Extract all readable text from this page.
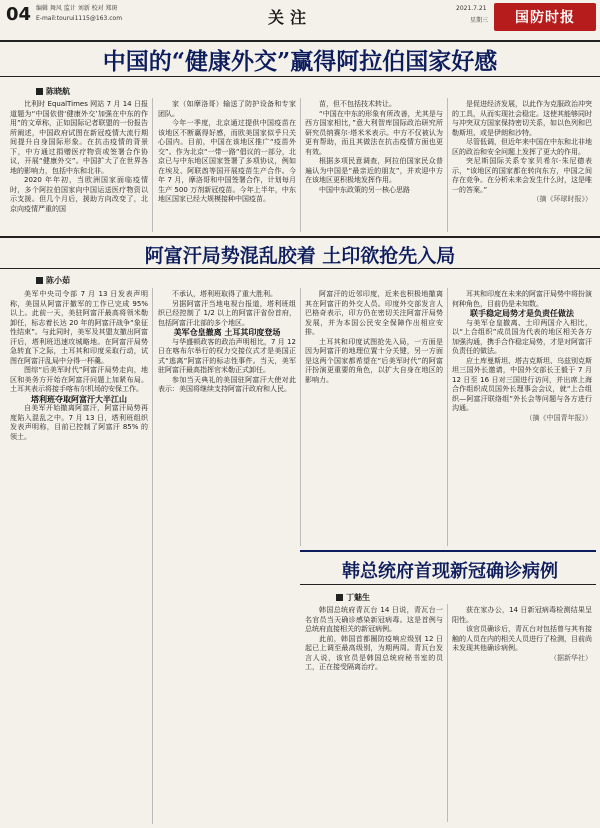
04 编辑 舞风 监计 刘新 校对 郑斑
E-mail:tourui1115@163.com	关注	2021.7.21
星期三	国防时报
中国的“健康外交”赢得阿拉伯国家好感
陈晓航

比利时 EqualTimes 网站 7 月 14 日报道题为“中国依借‘健康外交’加强在中东的作用”的文章称，正如国际记者联盟的一份报告所阐述，中国政府试图在新冠疫情大流行期间提升自身国际形象。在抗击疫情的背景下，中方通过捐赠医疗物资或签署合作协议，开展“健康外交”。中国扩大了在世界各地的影响力，包括中东和北非。

2020 年年初，当欧洲国家面临疫情时，多个阿拉伯国家向中国运送医疗物资以示支援。但几个月后，援助方向改变了，北京向疫情严重的国

家（如摩洛哥）输送了防护设备和专家团队。

今年一季度，北京通过提供中国疫苗在该地区不断赢得好感，而欧美国家似乎只关心国内。目前，中国在该地区推广“疫苗外交”。作为北京“一带一路”倡议的一部分，北京已与中东地区国家签署了多项协议，例如在埃及、阿联酋等国开展疫苗生产合作。今年 7 月，摩洛哥和中国签署合作，计划每月生产 500 万剂新冠疫苗。今年上半年，中东地区国家已经大规模接种中国疫苗。

苗，但不包括技术转让。

“中国在中东的形象有所改善，尤其是与西方国家相比，”意大利智库国际政治研究所研究员纳赛尔·塔米米表示。中方不仅被认为更有帮助，而且其做法在抗击疫情方面也更有效。

根据多项民意调查，阿拉伯国家民众普遍认为中国是“最亲近的朋友”，并欢迎中方在该地区更积极地发挥作用。

中国中东政策的另一核心思路

是促进经济发展，以此作为克服政治冲突的工具，从而实现社会稳定。这使其能够同时与冲突双方国家保持密切关系，如以色列和巴勒斯坦、或是伊朗和沙特。

尽管低调，但近年来中国在中东和北非地区的政治和安全问题上发挥了更大的作用。

突尼斯国际关系专家贝希尔·朱尼德表示，“该地区的国家都在转向东方，中国之间存在竞争。在分析未来会发生什么时，这是唯一的答案。”

（摘《环球时报》）

阿富汗局势混乱胶着 土印欲抢先入局
陈小茹

美军中央司令部 7 月 13 日发表声明称，美国从阿富汗撤军的工作已完成 95% 以上。此前一天，美驻阿富汗最高将领米勒卸任，标志着长达 20 年的阿富汗战争“象征性结束”。与此同时，美军及其盟友撤出阿富汗后，塔利班迅速攻城略地。在阿富汗局势急转直下之际，土耳其和印度采取行动，试图在阿富汗乱局中分得一杯羹。

图综“后美军时代”阿富汗局势走向，地区和美务方开始在阿富汗问题上加紧布局。土耳其表示将接手喀布尔机场的安保工作。

塔利班夺取阿富汗大半江山

自美军开始撤离阿富汗，阿富汗局势再度陷入混乱之中。7 月 13 日，塔利班组织发表声明称，目前已控制了阿富汗 85% 的领土。

不承认，塔利班取得了重大胜利。

另据阿富汗当地电视台报道，塔利班组织已经控制了 1/2 以上的阿富汗省份首府，包括阿富汗北部的多个地区。

美军仓皇撤离 土耳其印度登场

与华盛顿政客的政治声明相比，7 月 12 日在喀布尔举行的权力交接仪式才是美国正式“逃离”阿富汗的标志性事件。当天，美军驻阿富汗最高指挥官米勒正式卸任。

参加当天典礼的美国驻阿富汗大使对此表示：美国将继续支持阿富汗政府和人民。

阿富汗的近邻印度，近来也积极地撤离其在阿富汗的外交人员。印度外交部发言人巴格奇表示，印方仍在密切关注阿富汗局势发展，并为本国公民安全保障作出相应安排。

土耳其和印度试图抢先入局，一方面是因为阿富汗的地理位置十分关键，另一方面是这两个国家都希望在“后美军时代”的阿富汗扮演更重要的角色，以扩大自身在地区的影响力。

耳其和印度在未来的阿富汗局势中将扮演何种角色，目前仍是未知数。

联手稳定局势才是负责任做法

与美军仓皇撤离、土印两国介入相比，以“上合组织”成员国为代表的地区相关各方加强沟通，携手合作稳定局势，才是对阿富汗负责任的做法。

应土库曼斯坦、塔吉克斯坦、乌兹别克斯坦三国外长邀请，中国外交部长王毅于 7 月 12 日至 16 日对三国进行访问，并出席上海合作组织成员国外长理事会会议，就“上合组织—阿富汗联络组”外长会等问题与各方进行沟通。

（摘《中国青年报》）

韩总统府首现新冠确诊病例
丁魅生

韩国总统府青瓦台 14 日说，青瓦台一名官员当天确诊感染新冠病毒。这是首例与总统府直接相关的新冠病例。

此前，韩国首都圈防疫响应级别 12 日起已上调至最高级别，为期两周。青瓦台发言人说，该官员是韩国总统府秘书室的员工，正在接受隔离治疗。

获在家办公，14 日新冠病毒检测结果呈阳性。

该官员确诊后，青瓦台对包括曾与其有接触的人员在内的相关人员进行了检测，目前尚未发现其他确诊病例。

（据新华社）
